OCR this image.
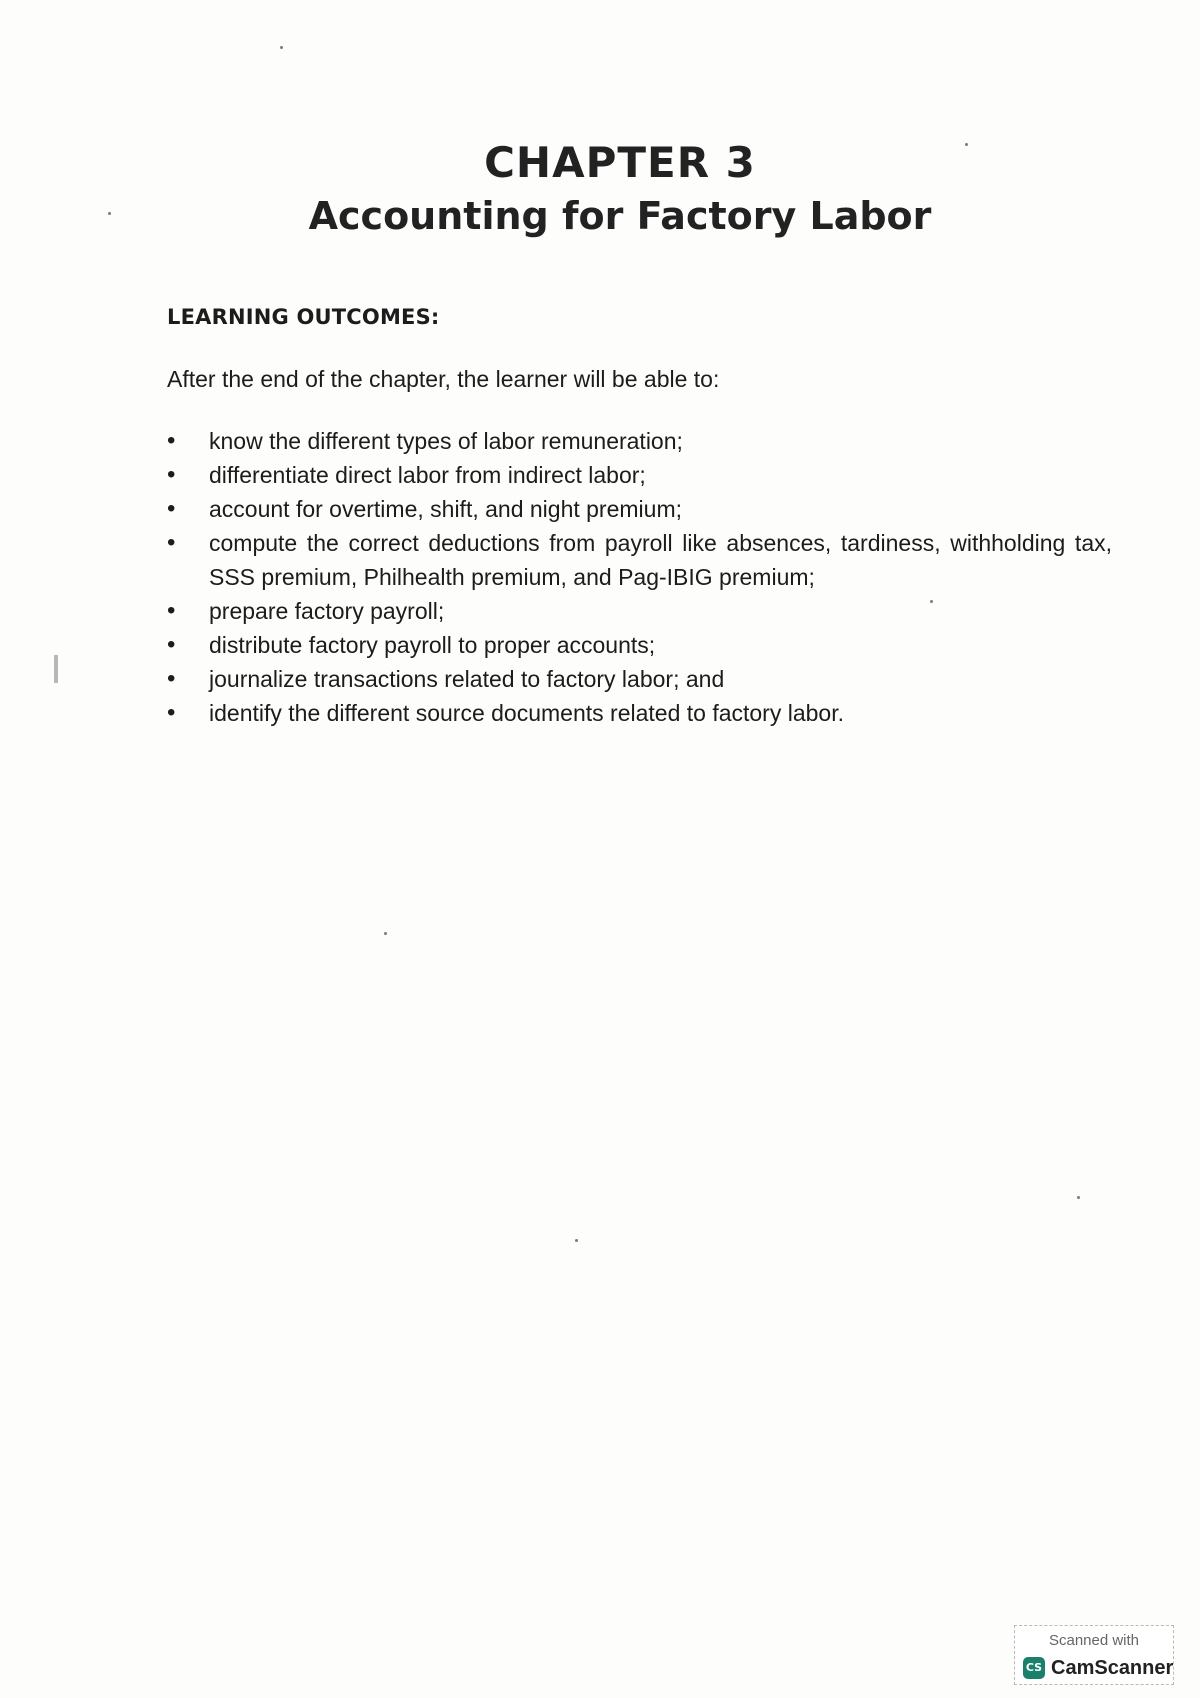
CHAPTER 3
Accounting for Factory Labor
LEARNING OUTCOMES:
After the end of the chapter, the learner will be able to:
•	know the different types of labor remuneration;
•	differentiate direct labor from indirect labor;
•	account for overtime, shift, and night premium;
•	compute the correct deductions from payroll like absences, tardiness, withholding tax, SSS premium, Philhealth premium, and Pag-IBIG premium;
•	prepare factory payroll;
•	distribute factory payroll to proper accounts;
•	journalize transactions related to factory labor; and
•	identify the different source documents related to factory labor.
Scanned with
CS CamScanner
